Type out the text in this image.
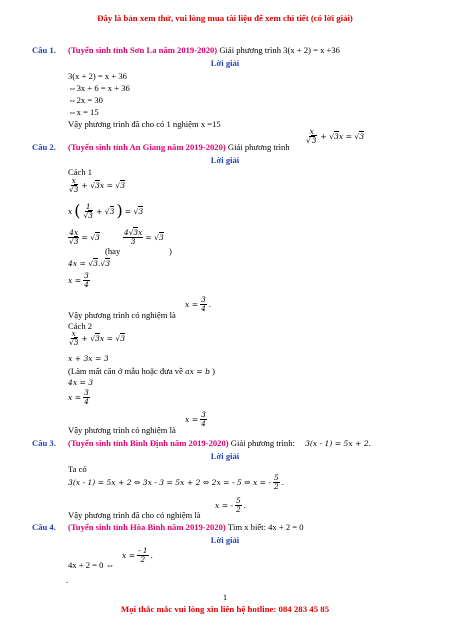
Đây là bản xem thử, vui lòng mua tài liệu để xem chi tiết (có lời giải)
Câu 1. (Tuyển sinh tỉnh Sơn La năm 2019-2020) Giải phương trình 3(x + 2) = x +36
Lời giải
3(x + 2) = x + 36
⇔3x + 6 = x + 36
⇔2x = 30
⇔x = 15
Vậy phương trình đã cho có 1 nghiệm x =15
Câu 2. (Tuyển sinh tỉnh An Giang năm 2019-2020) Giải phương trình
$\frac{x}{√3} + √3x = √3$
Lời giải
Cách 1
$\frac{x}{√3} + √3x = √3$
x ( $\frac{1}{√3} + √3$ ) = √3
$\frac{4x}{√3} = √3$
(hay
$\frac{4√3x}{3} = √3$
)
4x = √3.√3
$x = \frac{3}{4}$
Vậy phương trình có nghiệm là
$x = \frac{3}{4}$ .
Cách 2
$\frac{x}{√3} + √3x = √3$
x + 3x = 3
(Làm mất căn ở mẫu hoặc đưa về ax = b )
4x = 3
$x = \frac{3}{4}$
Vậy phương trình có nghiệm là
$x = \frac{3}{4}$
Câu 3. (Tuyển sinh tỉnh Bình Định năm 2019-2020) Giải phương trình: 3(x - 1) = 5x + 2.
Lời giải
Ta có
3(x - 1) = 5x + 2 ⇔ 3x - 3 = 5x + 2 ⇔ 2x = - 5 ⇔ x = - $\frac{5}{2}$ .
Vậy phương trình đã cho có nghiệm là
x = - $\frac{5}{2}$ .
Câu 4. (Tuyển sinh tỉnh Hòa Bình năm 2019-2020) Tìm x biết: 4x + 2 = 0
Lời giải
4x + 2 = 0 ⇔
$x = \frac{- 1}{2}$ .
.
1
Mọi thắc mắc vui lòng xin liên hệ hotline: 084 283 45 85
